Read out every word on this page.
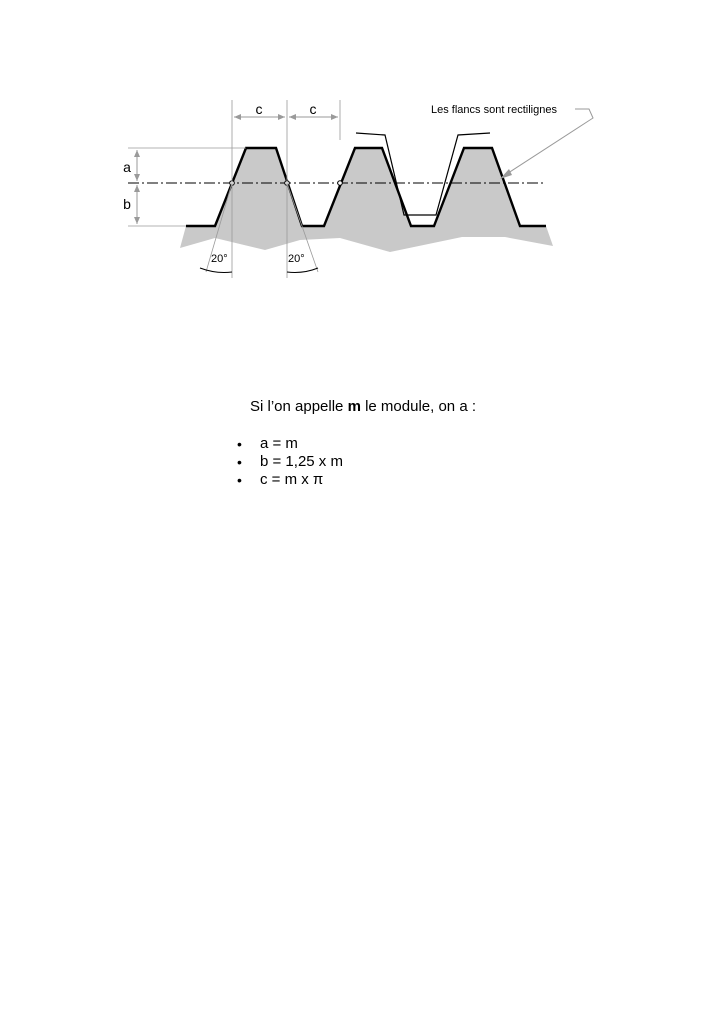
c	c
a
b
20°	20°
Les flancs sont rectilignes

Si l’on appelle m le module, on a :

• a = m
• b = 1,25 x m
• c = m x π
